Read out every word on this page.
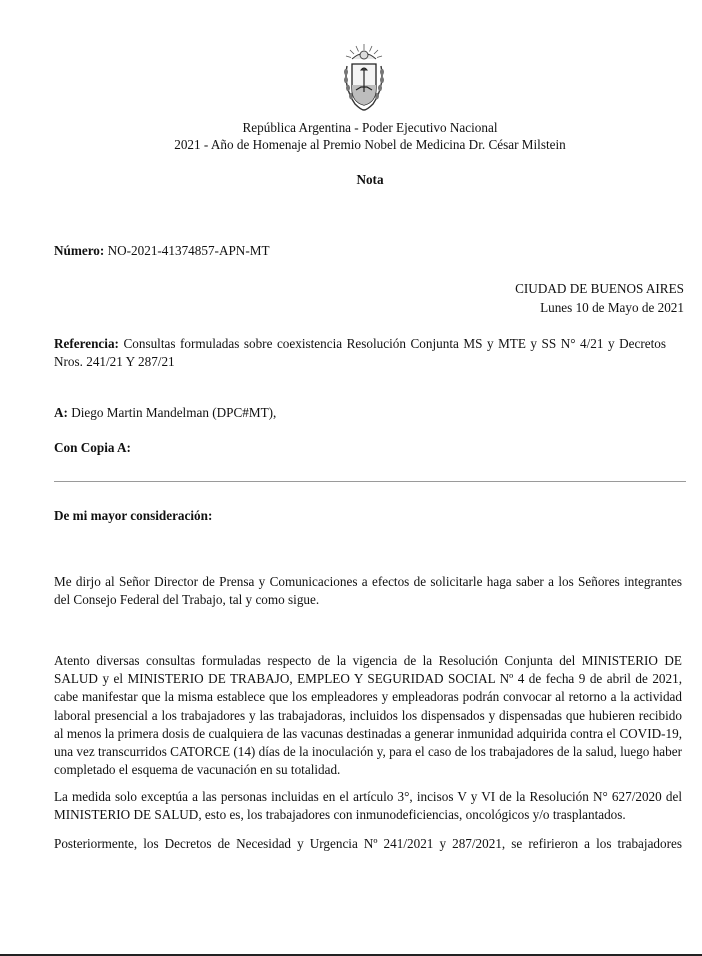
República Argentina - Poder Ejecutivo Nacional
2021 - Año de Homenaje al Premio Nobel de Medicina Dr. César Milstein
Nota
Número: NO-2021-41374857-APN-MT
CIUDAD DE BUENOS AIRES
Lunes 10 de Mayo de 2021
Referencia: Consultas formuladas sobre coexistencia Resolución Conjunta MS y MTE y SS N° 4/21 y Decretos Nros. 241/21 Y 287/21
A: Diego Martin Mandelman (DPC#MT),
Con Copia A:
De mi mayor consideración:
Me dirjo al Señor Director de Prensa y Comunicaciones a efectos de solicitarle haga saber a los Señores integrantes del Consejo Federal del Trabajo, tal y como sigue.
Atento diversas consultas formuladas respecto de la vigencia de la Resolución Conjunta del MINISTERIO DE SALUD y el MINISTERIO DE TRABAJO, EMPLEO Y SEGURIDAD SOCIAL Nº 4 de fecha 9 de abril de 2021, cabe manifestar que la misma establece que los empleadores y empleadoras podrán convocar al retorno a la actividad laboral presencial a los trabajadores y las trabajadoras, incluidos los dispensados y dispensadas que hubieren recibido al menos la primera dosis de cualquiera de las vacunas destinadas a generar inmunidad adquirida contra el COVID-19, una vez transcurridos CATORCE (14) días de la inoculación y, para el caso de los trabajadores de la salud, luego haber completado el esquema de vacunación en su totalidad.
La medida solo exceptúa a las personas incluidas en el artículo 3°, incisos V y VI de la Resolución N° 627/2020 del MINISTERIO DE SALUD, esto es, los trabajadores con inmunodeficiencias, oncológicos y/o trasplantados.
Posteriormente, los Decretos de Necesidad y Urgencia Nº 241/2021 y 287/2021, se refirieron a los trabajadores
